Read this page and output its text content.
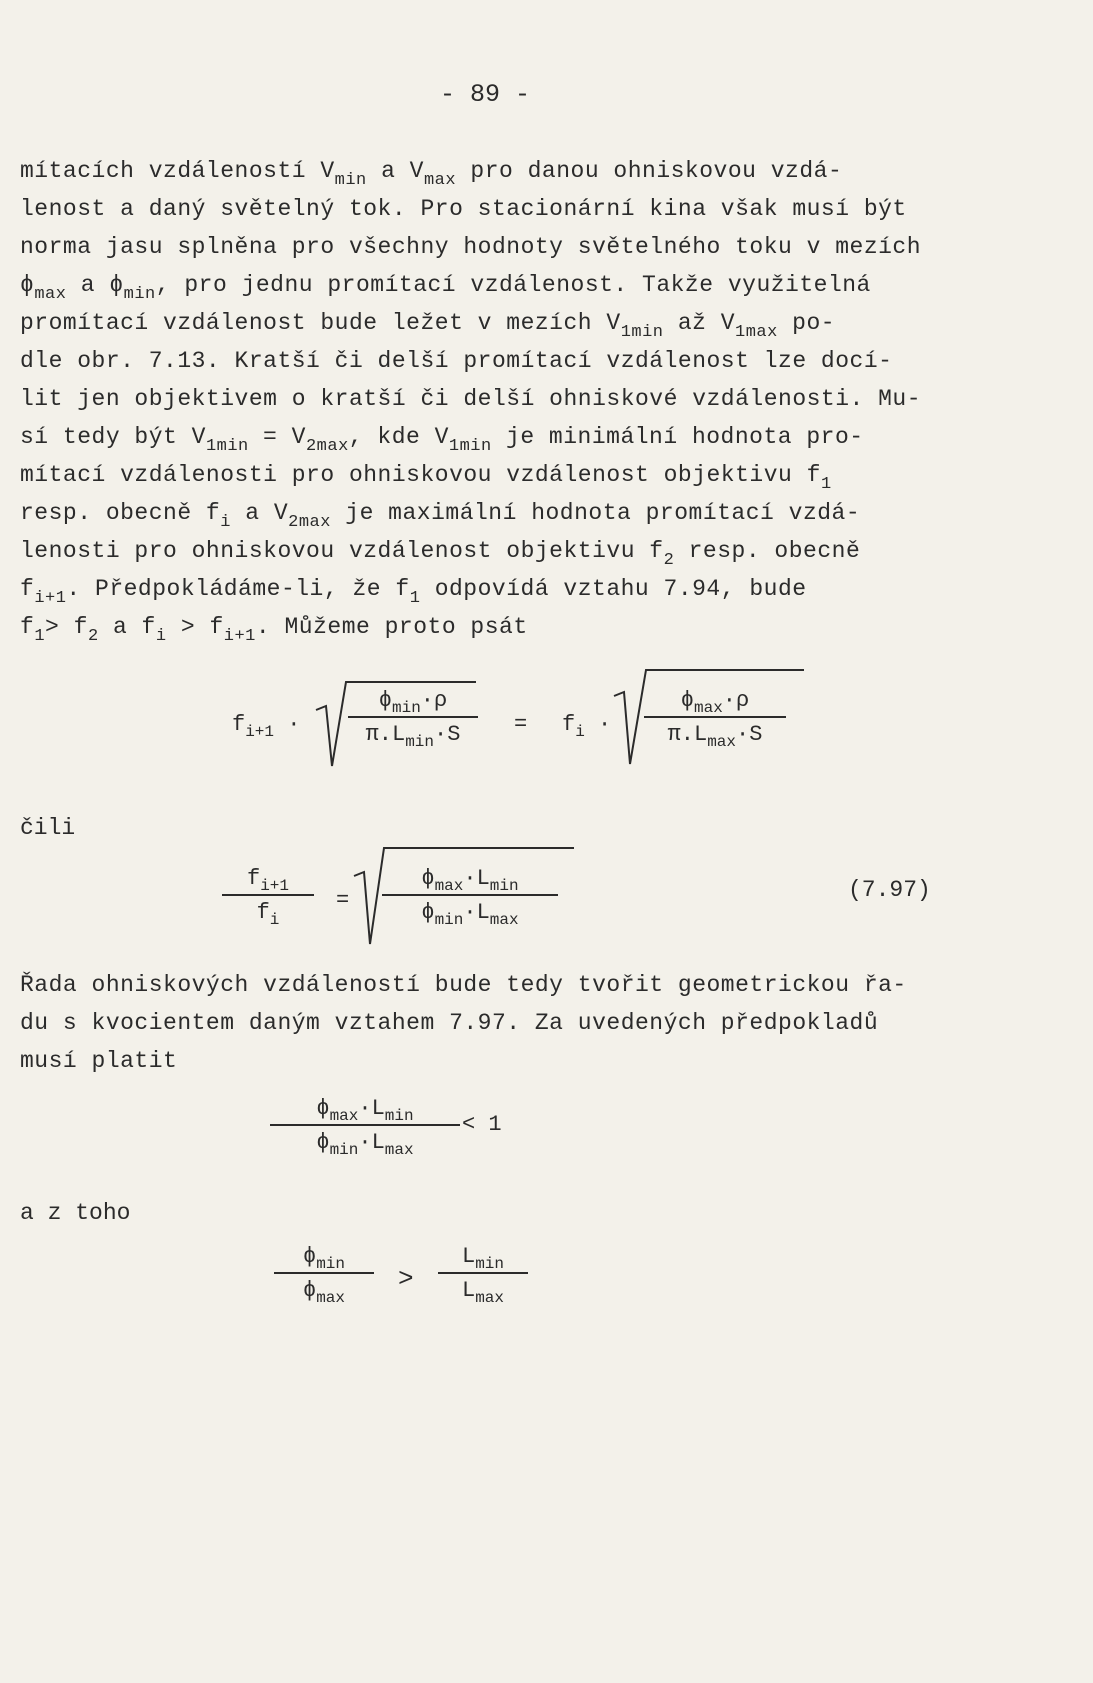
- 89 -
mítacích vzdáleností $V_{min}$ a $V_{max}$ pro danou ohniskovou vzdá-
lenost a daný světelný tok. Pro stacionární kina však musí být
norma jasu splněna pro všechny hodnoty světelného toku v mezích
$\phi_{max}$ a $\phi_{min}$, pro jednu promítací vzdálenost. Takže využitelná
promítací vzdálenost bude ležet v mezích $V_{1min}$ až $V_{1max}$ po-
dle obr. 7.13. Kratší či delší promítací vzdálenost lze docí-
lit jen objektivem o kratší či delší ohniskové vzdálenosti. Mu-
sí tedy být $V_{1min} = V_{2max}$, kde $V_{1min}$ je minimální hodnota pro-
mítací vzdálenosti pro ohniskovou vzdálenost objektivu $f_1$
resp. obecně $f_i$ a $V_{2max}$ je maximální hodnota promítací vzdá-
lenosti pro ohniskovou vzdálenost objektivu $f_2$ resp. obecně
$f_{i+1}$. Předpokládáme-li, že $f_1$ odpovídá vztahu 7.94, bude
$f_1> f_2$ a $f_i > f_{i+1}$. Můžeme proto psát
$f_{i+1}$ ·
$\phi_{min}\cdot\rho$
$\pi.L_{min}\cdot S$	= $f_i$ ·
$\phi_{max}\cdot\rho$
$\pi.L_{max}\cdot S$
čili
$\frac{f_{i+1}}{f_i}$ =
$\phi_{max}\cdot L_{min}$
$\phi_{min}\cdot L_{max}$
(7.97)
Řada ohniskových vzdáleností bude tedy tvořit geometrickou řa-
du s kvocientem daným vztahem 7.97. Za uvedených předpokladů
musí platit
$\phi_{max}\cdot L_{min}$
$\phi_{min}\cdot L_{max}$
< 1
a z toho
$\phi_{min}$
$\phi_{max}$
>
$L_{min}$
$L_{max}$
